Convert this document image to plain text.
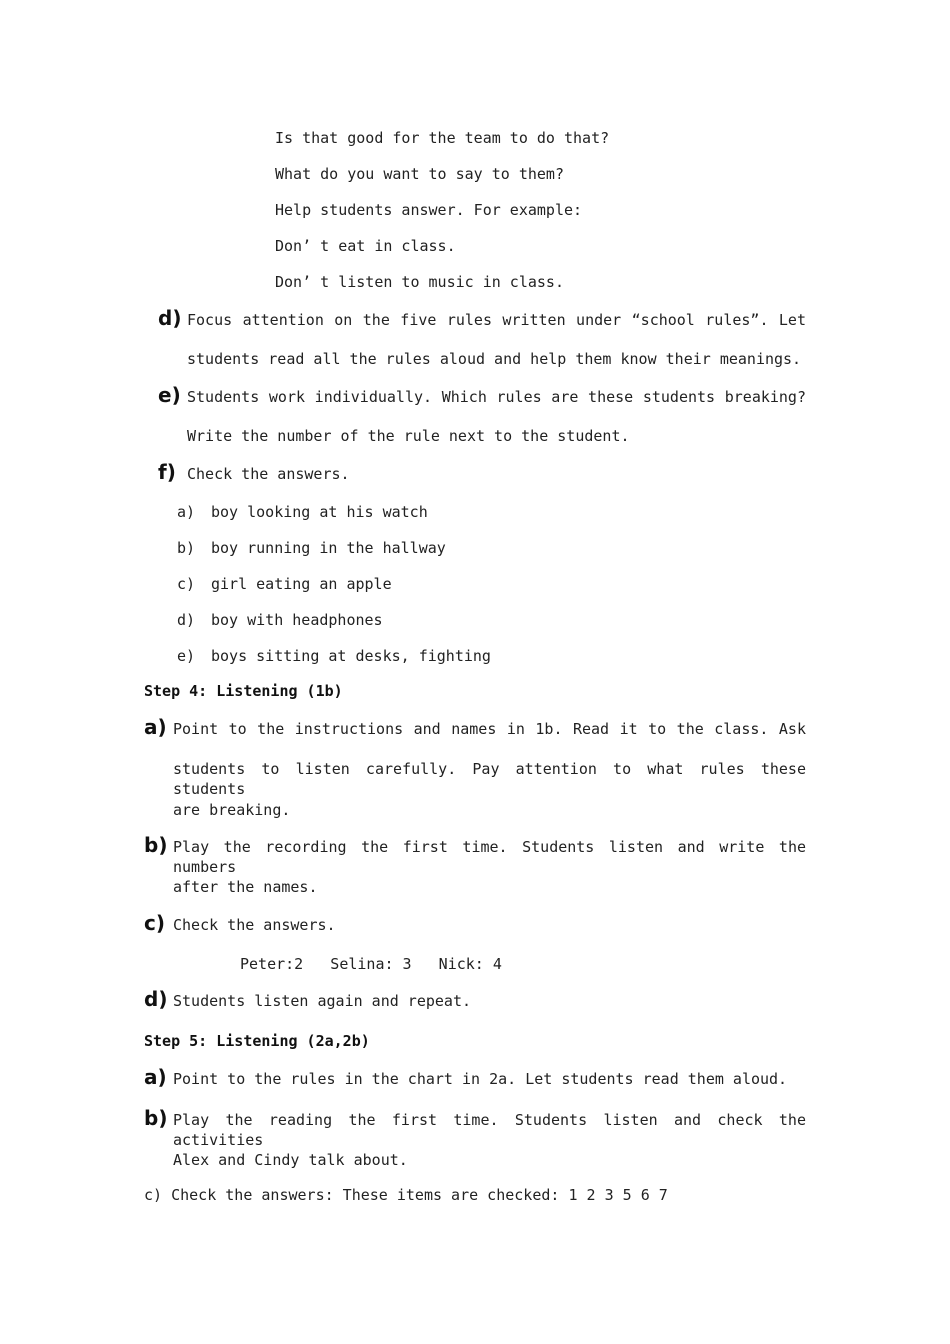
Is that good for the team to do that?
What do you want to say to them?
Help students answer. For example:
Don’ t eat in class.
Don’ t listen to music in class.
d) Focus attention on the five rules written under “school rules”. Let
students read all the rules aloud and help them know their meanings.
e) Students work individually. Which rules are these students breaking?
Write the number of the rule next to the student.
f) Check the answers.
a) boy looking at his watch
b) boy running in the hallway
c) girl eating an apple
d) boy with headphones
e) boys sitting at desks, fighting
Step 4: Listening (1b)
a) Point to the instructions and names in 1b. Read it to the class. Ask
students to listen carefully. Pay attention to what rules these students
are breaking.
b) Play the recording the first time. Students listen and write the numbers
after the names.
c) Check the answers.
Peter:2   Selina: 3   Nick: 4
d) Students listen again and repeat.
Step 5: Listening (2a,2b)
a) Point to the rules in the chart in 2a. Let students read them aloud.
b) Play the reading the first time. Students listen and check the activities
Alex and Cindy talk about.
c) Check the answers: These items are checked: 1 2 3 5 6 7
